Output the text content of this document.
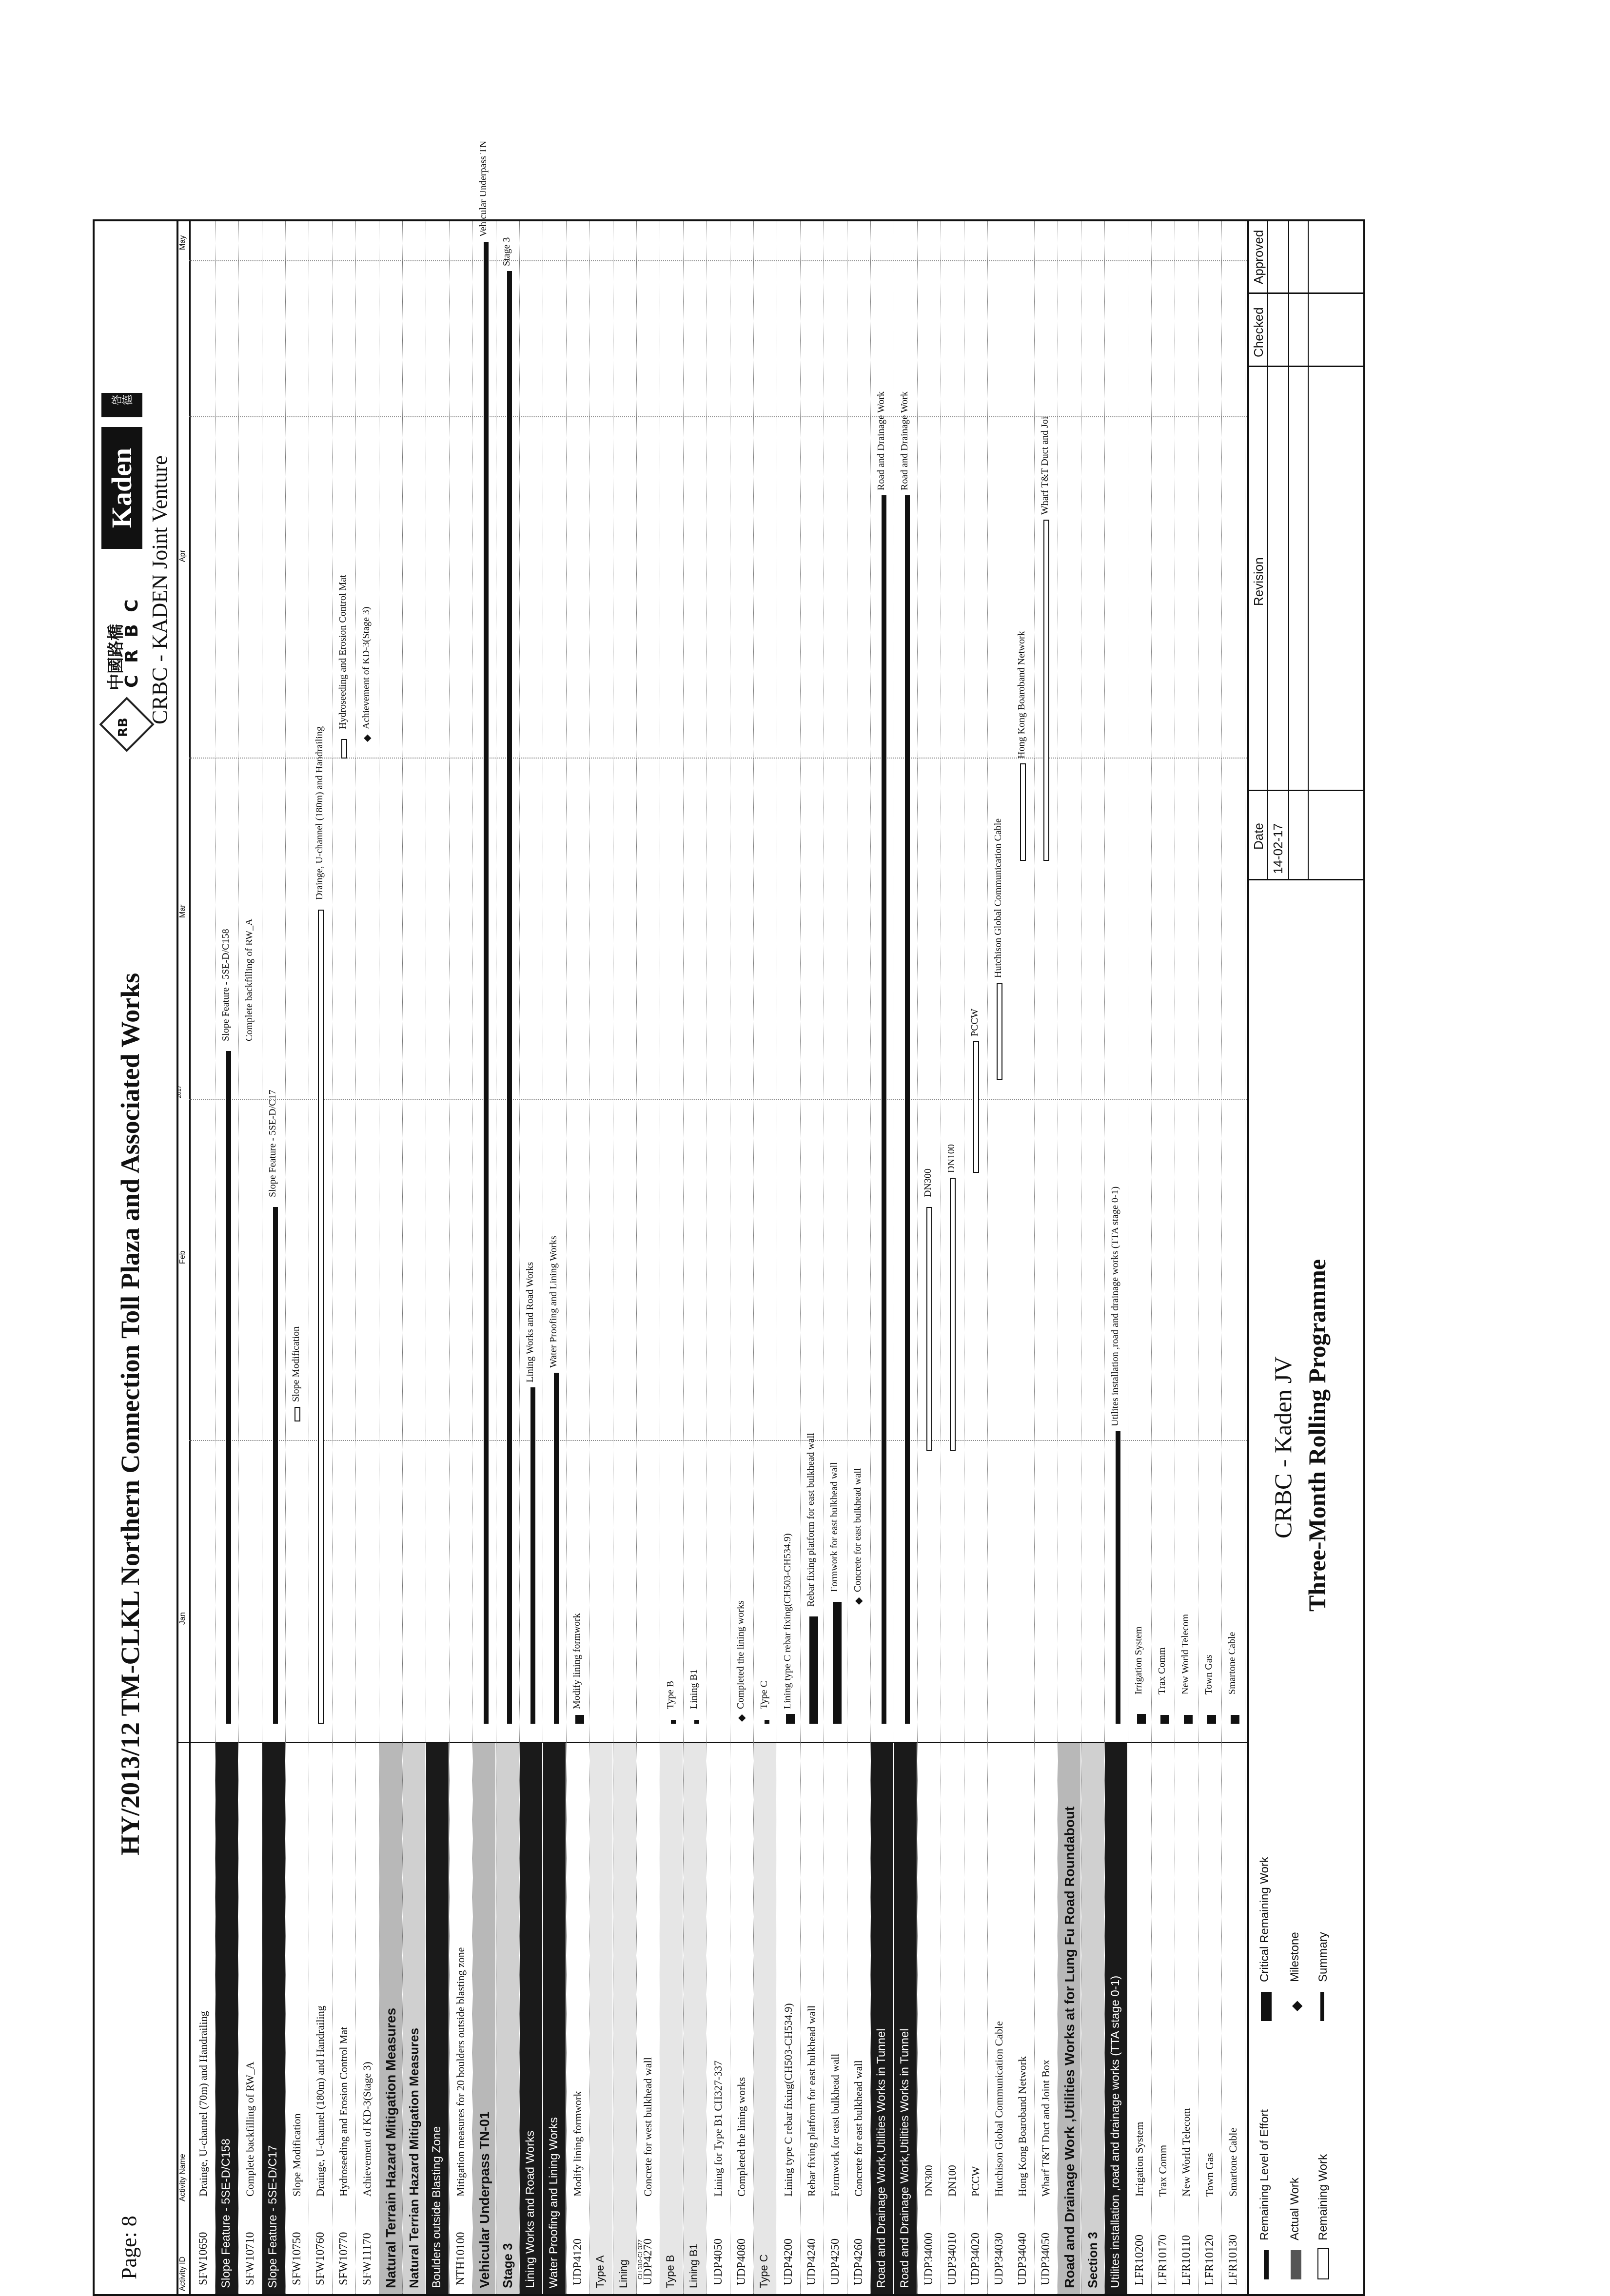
Page: 8
HY/2013/12 TM-CLKL Northern Connection Toll Plaza and Associated Works
RB
中國路橋
C R B C
Kaden
啓德
CRBC - KADEN Joint Venture
Activity ID
Activity Name
2017
Jan
Feb
Mar
Apr
May
SFW10650
Drainge, U-channel (70m) and Handrailing
Slope Feature - 5SE-D/C158 SFW10710
Complete backfilling of RW_A
Slope Feature - 5SE-D/C17 SFW10750
Slope Modification
SFW10760
Drainge, U-channel (180m) and Handrailing
SFW10770
Hydroseeding and Erosion Control Mat
SFW11170
Achievement of KD-3(Stage 3) Natural Terrain Hazard Mitigation Measures Natural Terrian Hazard Mitigation Measures Boulders outside Blasting Zone NTH10100
Mitigation measures for 20 boulders outside blasting zone
Vehicular Underpass TN-01 Stage 3 Lining Works and Road Works Water Proofing and Lining Works UDP4120
Modify lining formwork
Type A Lining UDP4270
Concrete for west bulkhead wall
CH 310-CH327 Type B Lining B1 UDP4050
Lining for Type B1 CH327-337
UDP4080
Completed the lining works
Type C UDP4200
Lining type C rebar fixing(CH503-CH534.9)
UDP4240
Rebar fixing platform for east bulkhead wall
UDP4250
Formwork for east bulkhead wall
UDP4260
Concrete for east bulkhead wall Road and Drainage Work,Utilities Works in Tunnel Road and Drainage Work,Utilities Works in Tunnel UDP34000
DN300
UDP34010
DN100
UDP34020
PCCW
UDP34030
Hutchison Global Communication Cable
UDP34040
Hong Kong Boaroband Network
UDP34050
Wharf T&T Duct and Joint Box Road and Drainage Work ,Utilities Works at for Lung Fu Road Roundabout Section 3 Utilites installation ,road and drainage works (TTA stage 0-1) LFR10200
Irrigation System
LFR10170
Trax Comm
LFR10110
New World Telecom
LFR10120
Town Gas
LFR10130
Smartone Cable
Slope Feature - 5SE-D/C158 Complete backfilling of RW_A
Slope Feature - 5SE-D/C17
Slope Modification
Drainge, U-channel (180m) and Handrailing
Hydroseeding and Erosion Control Mat
◆
Achievement of KD-3(Stage 3)
Vehicular Underpass TN
Stage 3
Lining Works and Road Works Water Proofing and Lining Works
Modify lining formwork	Type B Lining B1
◆
Completed the lining works Type C Lining type C rebar fixing(CH503-CH534.9)
Rebar fixing platform for east bulkhead wall Formwork for east bulkhead wall
◆
Concrete for east bulkhead wall
Road and Drainage Work Road and Drainage Work
DN300
DN100
PCCW
Hutchison Global Communication Cable
Hong Kong Boaroband Network
Wharf T&T Duct and Joi
Utilites installation ,road and drainage works (TTA stage 0-1)
Irrigation System Trax Comm New World Telecom Town Gas Smartone Cable
Remaining Level of Effort Actual Work Remaining Work
Critical Remaining Work
◆
Milestone Summary
CRBC - Kaden JV Three-Month Rolling Programme
Date
Revision
Checked
Approved
14-02-17
